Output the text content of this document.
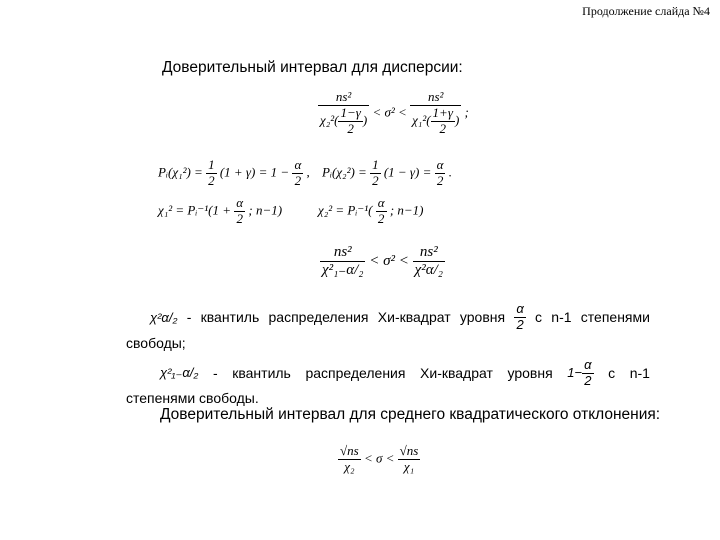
Продолжение слайда №4
Доверительный интервал для дисперсии:
$\frac{\text{ns²}}{\chi_2^2( \frac{1-\gamma}{2} )} < \sigma^2 < \frac{\text{ns²}}{\chi_1^2( \frac{1+\gamma}{2} )}$ ;
Pᵢ(χ₁²) = $\frac{1}{2} (1 + \gamma) = 1 - \frac{\alpha}{2}$ , Pᵢ(χ₂²) = $\frac{1}{2} (1 - \gamma) = \frac{\alpha}{2}$ .
χ₁² = Pᵢ⁻¹(1 + $\frac{\alpha}{2}$ ; n−1)	χ₂² = Pᵢ⁻¹( $\frac{\alpha}{2}$ ; n−1)
$\frac{\text{ns²}}{\text{χ²₁₋α/₂}} < \sigma^2 < \frac{\text{ns²}}{\text{χ²α/₂}}$
χ²α/₂ - квантиль распределения Хи-квадрат уровня $\frac{\alpha}{2}$ с n-1 степенями
свободы;
χ²₁₋α/₂ - квантиль распределения Хи-квадрат уровня $1- \frac{\alpha}{2}$ с n-1
степенями свободы.
Доверительный интервал для среднего квадратического отклонения:
$\frac{√ns}{\text{χ₂}} < \sigma < \frac{√ns}{\text{χ₁}}$
